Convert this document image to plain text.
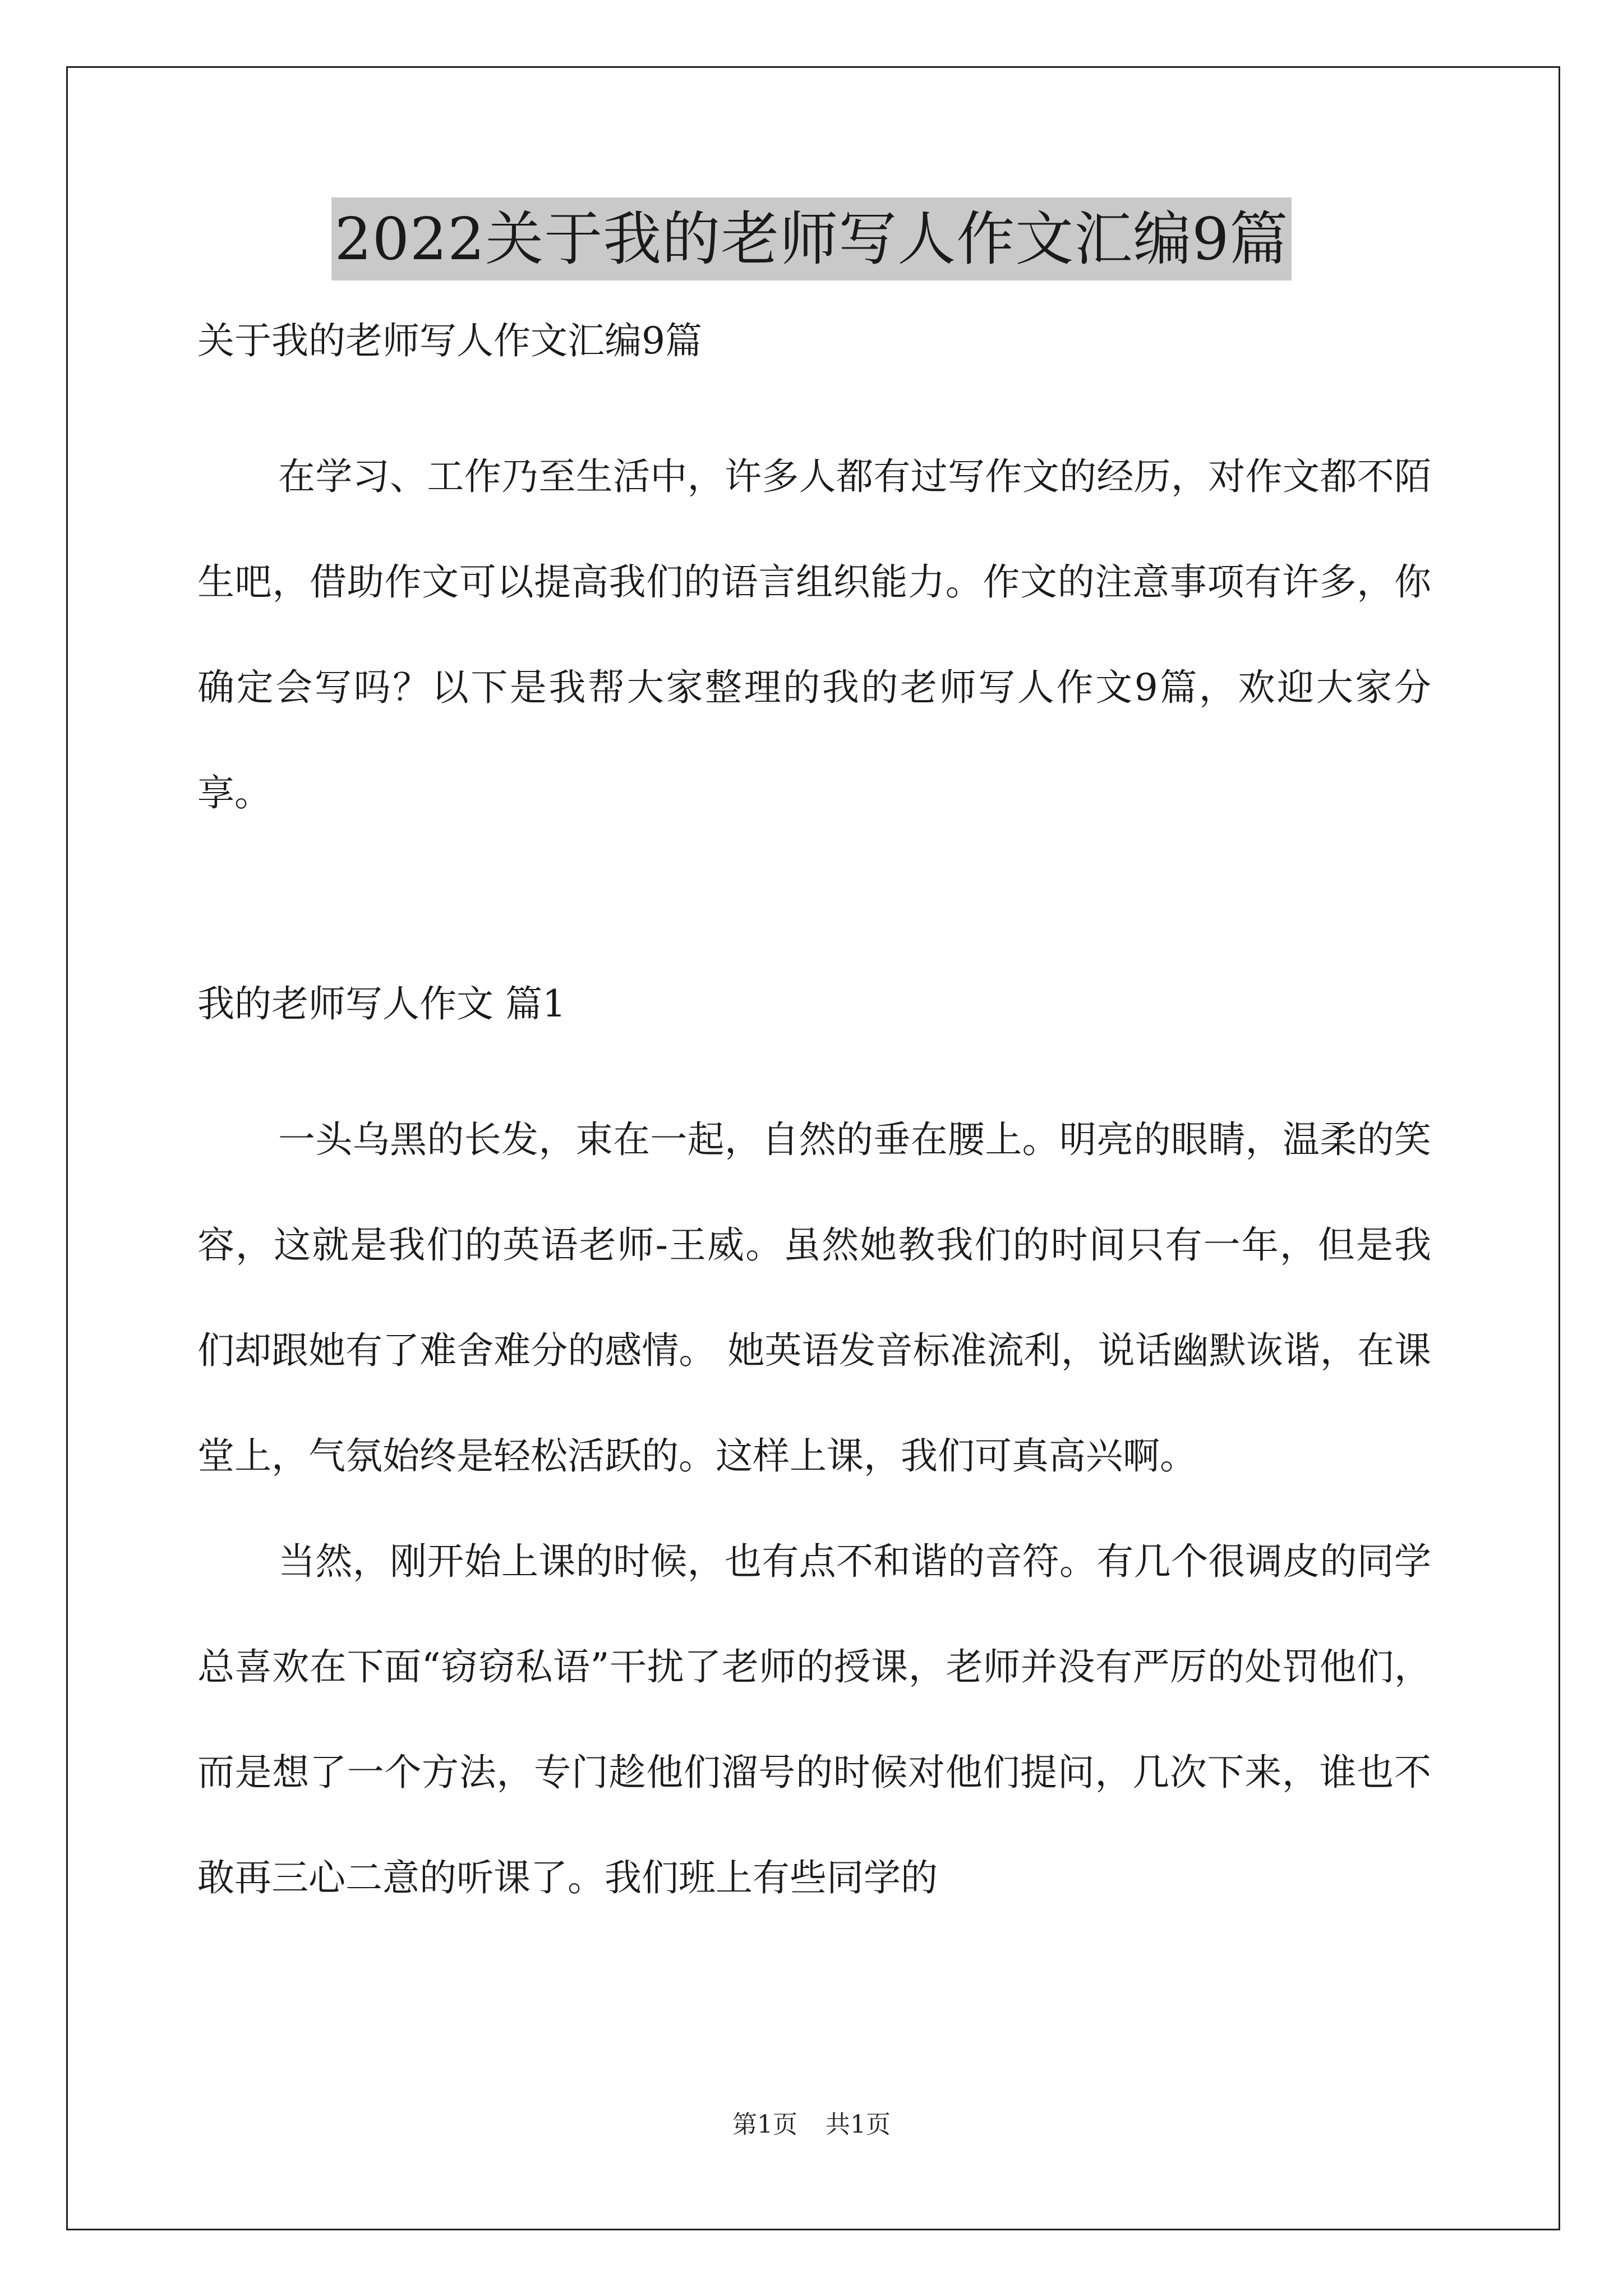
2022关于我的老师写人作文汇编9篇

关于我的老师写人作文汇编9篇

在学习、工作乃至生活中，许多人都有过写作文的经历，对作文都不陌生吧，借助作文可以提高我们的语言组织能力。作文的注意事项有许多，你确定会写吗？以下是我帮大家整理的我的老师写人作文9篇，欢迎大家分享。

我的老师写人作文 篇1

一头乌黑的长发，束在一起，自然的垂在腰上。明亮的眼睛，温柔的笑容，这就是我们的英语老师-王威。虽然她教我们的时间只有一年，但是我们却跟她有了难舍难分的感情。 她英语发音标准流利，说话幽默诙谐，在课堂上，气氛始终是轻松活跃的。这样上课，我们可真高兴啊。

当然，刚开始上课的时候，也有点不和谐的音符。有几个很调皮的同学总喜欢在下面“窃窃私语”干扰了老师的授课，老师并没有严厉的处罚他们，而是想了一个方法，专门趁他们溜号的时候对他们提问，几次下来，谁也不敢再三心二意的听课了。我们班上有些同学的

第1页 共1页
